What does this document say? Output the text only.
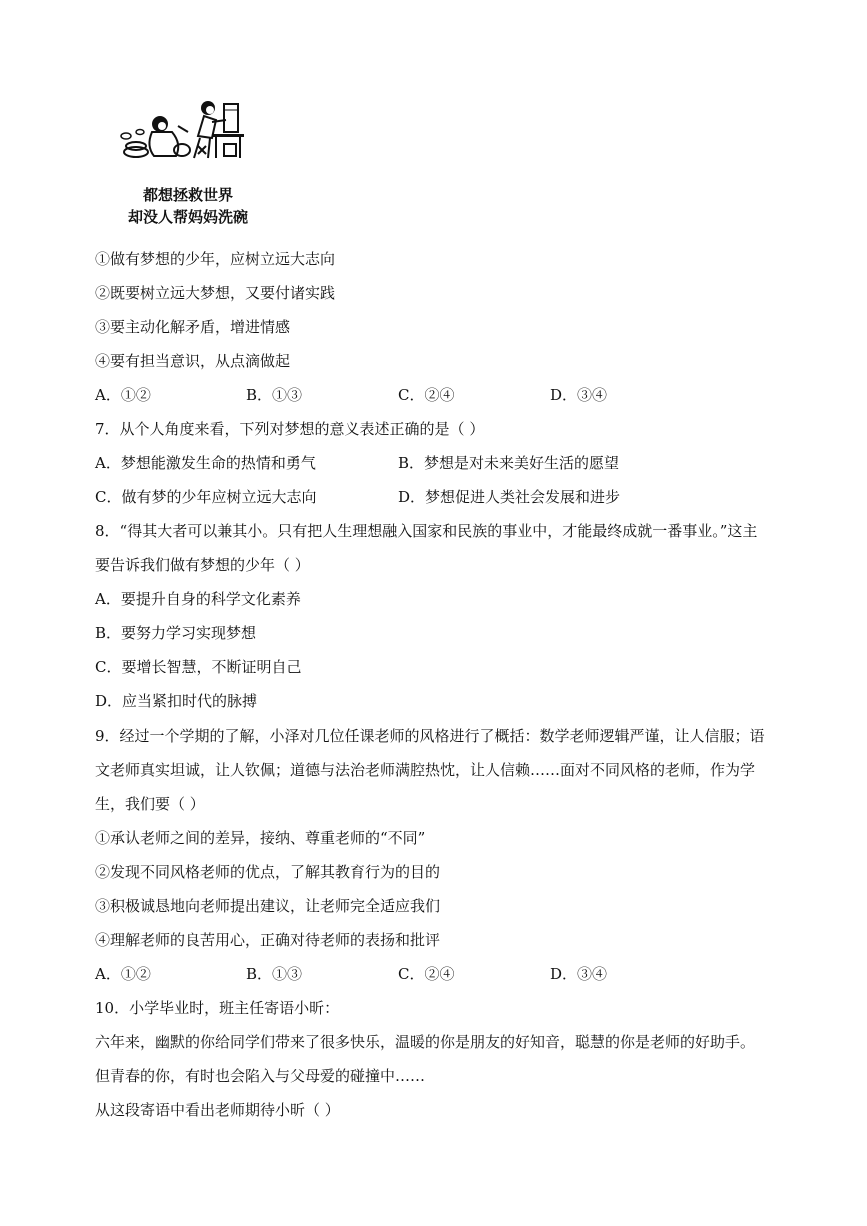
都想拯救世界
却没人帮妈妈洗碗
①做有梦想的少年，应树立远大志向
②既要树立远大梦想，又要付诸实践
③要主动化解矛盾，增进情感
④要有担当意识，从点滴做起
A．①②	B．①③	C．②④	D．③④
7．从个人角度来看，下列对梦想的意义表述正确的是（ ）
A．梦想能激发生命的热情和勇气	B．梦想是对未来美好生活的愿望
C．做有梦的少年应树立远大志向	D．梦想促进人类社会发展和进步
8．“得其大者可以兼其小。只有把人生理想融入国家和民族的事业中，才能最终成就一番事业。”这主
要告诉我们做有梦想的少年（ ）
A．要提升自身的科学文化素养
B．要努力学习实现梦想
C．要增长智慧，不断证明自己
D．应当紧扣时代的脉搏
9．经过一个学期的了解，小泽对几位任课老师的风格进行了概括：数学老师逻辑严谨，让人信服；语
文老师真实坦诚，让人钦佩；道德与法治老师满腔热忱，让人信赖……面对不同风格的老师，作为学
生，我们要（ ）
①承认老师之间的差异，接纳、尊重老师的“不同”
②发现不同风格老师的优点，了解其教育行为的目的
③积极诚恳地向老师提出建议，让老师完全适应我们
④理解老师的良苦用心，正确对待老师的表扬和批评
A．①②	B．①③	C．②④	D．③④
10．小学毕业时，班主任寄语小昕：
六年来，幽默的你给同学们带来了很多快乐，温暖的你是朋友的好知音，聪慧的你是老师的好助手。
但青春的你，有时也会陷入与父母爱的碰撞中……
从这段寄语中看出老师期待小昕（ ）
